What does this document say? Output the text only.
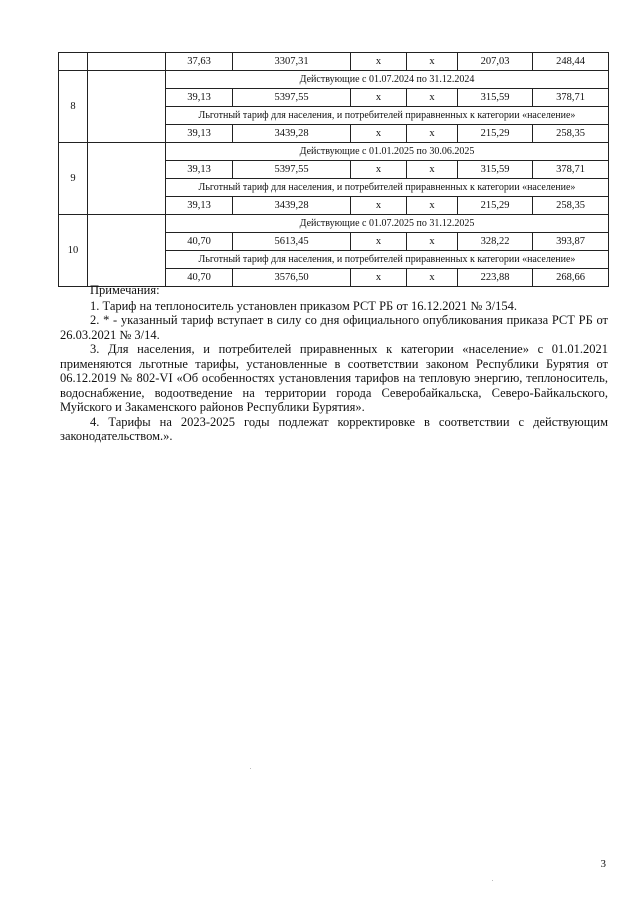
		37,63	3307,31	x	x	207,03	248,44
8		Действующие с 01.07.2024 по 31.12.2024					
		39,13	5397,55	x	x	315,59	378,71
		Льготный тариф для населения, и потребителей приравненных к категории «население»					
		39,13	3439,28	x	x	215,29	258,35
9		Действующие с 01.01.2025 по 30.06.2025					
		39,13	5397,55	x	x	315,59	378,71
		Льготный тариф для населения, и потребителей приравненных к категории «население»					
		39,13	3439,28	x	x	215,29	258,35
10		Действующие с 01.07.2025 по 31.12.2025					
		40,70	5613,45	x	x	328,22	393,87
		Льготный тариф для населения, и потребителей приравненных к категории «население»					
		40,70	3576,50	x	x	223,88	268,66

Примечания:

1. Тариф на теплоноситель установлен приказом РСТ РБ от 16.12.2021 № 3/154.

2. * - указанный тариф вступает в силу со дня официального опубликования приказа РСТ РБ от 26.03.2021 № 3/14.

3. Для населения, и потребителей приравненных к категории «население» с 01.01.2021 применяются льготные тарифы, установленные в соответствии законом Республики Бурятия от 06.12.2019 № 802-VI «Об особенностях установления тарифов на тепловую энергию, теплоноситель, водоснабжение, водоотведение на территории города Северобайкальска, Северо-Байкальского, Муйского и Закаменского районов Республики Бурятия».

4. Тарифы на 2023-2025 годы подлежат корректировке в соответствии с действующим законодательством.».

3
